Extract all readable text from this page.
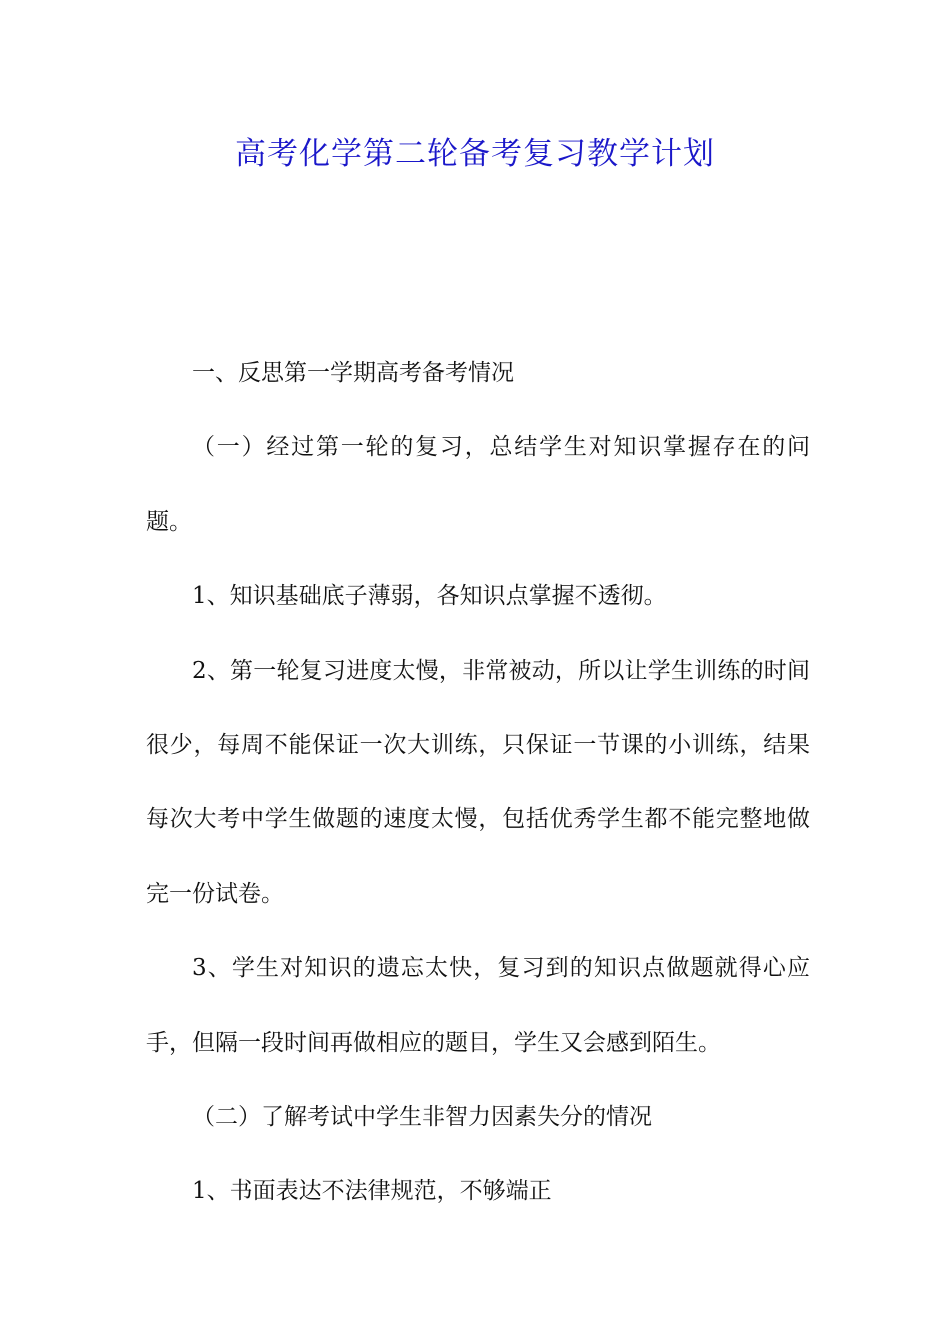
高考化学第二轮备考复习教学计划

一、反思第一学期高考备考情况

（一）经过第一轮的复习，总结学生对知识掌握存在的问题。

1、知识基础底子薄弱，各知识点掌握不透彻。

2、第一轮复习进度太慢，非常被动，所以让学生训练的时间很少，每周不能保证一次大训练，只保证一节课的小训练，结果每次大考中学生做题的速度太慢，包括优秀学生都不能完整地做完一份试卷。

3、学生对知识的遗忘太快，复习到的知识点做题就得心应手，但隔一段时间再做相应的题目，学生又会感到陌生。

（二）了解考试中学生非智力因素失分的情况

1、书面表达不法律规范，不够端正
